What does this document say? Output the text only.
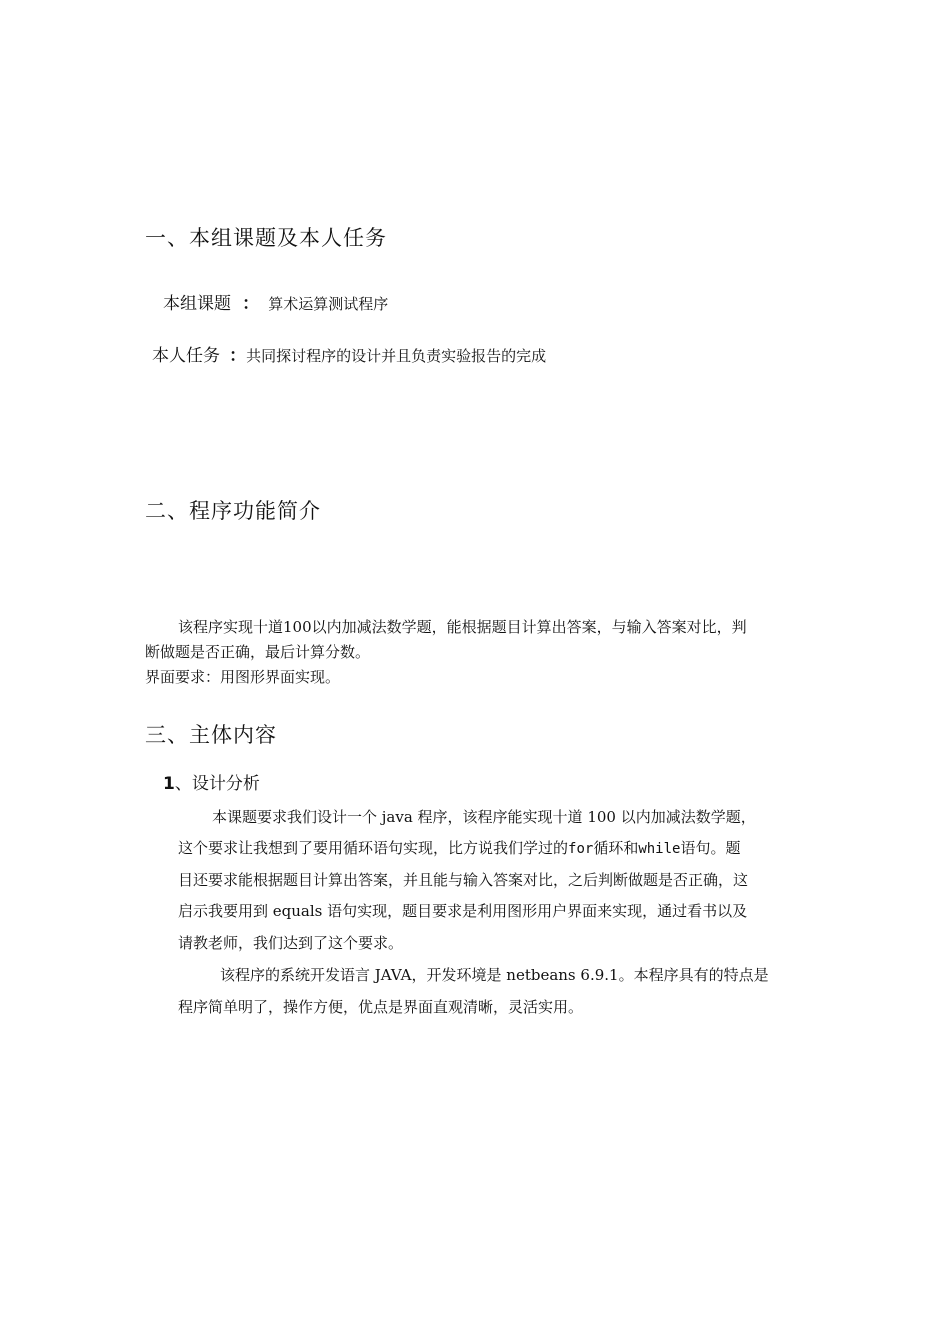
一、本组课题及本人任务
本组课题 ： 算术运算测试程序
本人任务 ：共同探讨程序的设计并且负责实验报告的完成
二、程序功能简介
该程序实现十道100以内加减法数学题，能根据题目计算出答案，与输入答案对比，判
断做题是否正确，最后计算分数。
界面要求：用图形界面实现。
三、主体内容
1、设计分析
本课题要求我们设计一个 java 程序，该程序能实现十道 100 以内加减法数学题，
这个要求让我想到了要用循环语句实现，比方说我们学过的for循环和while语句。题
目还要求能根据题目计算出答案，并且能与输入答案对比，之后判断做题是否正确，这
启示我要用到 equals 语句实现，题目要求是利用图形用户界面来实现，通过看书以及
请教老师，我们达到了这个要求。
该程序的系统开发语言 JAVA，开发环境是 netbeans 6.9.1。本程序具有的特点是
程序简单明了，操作方便，优点是界面直观清晰，灵活实用。
